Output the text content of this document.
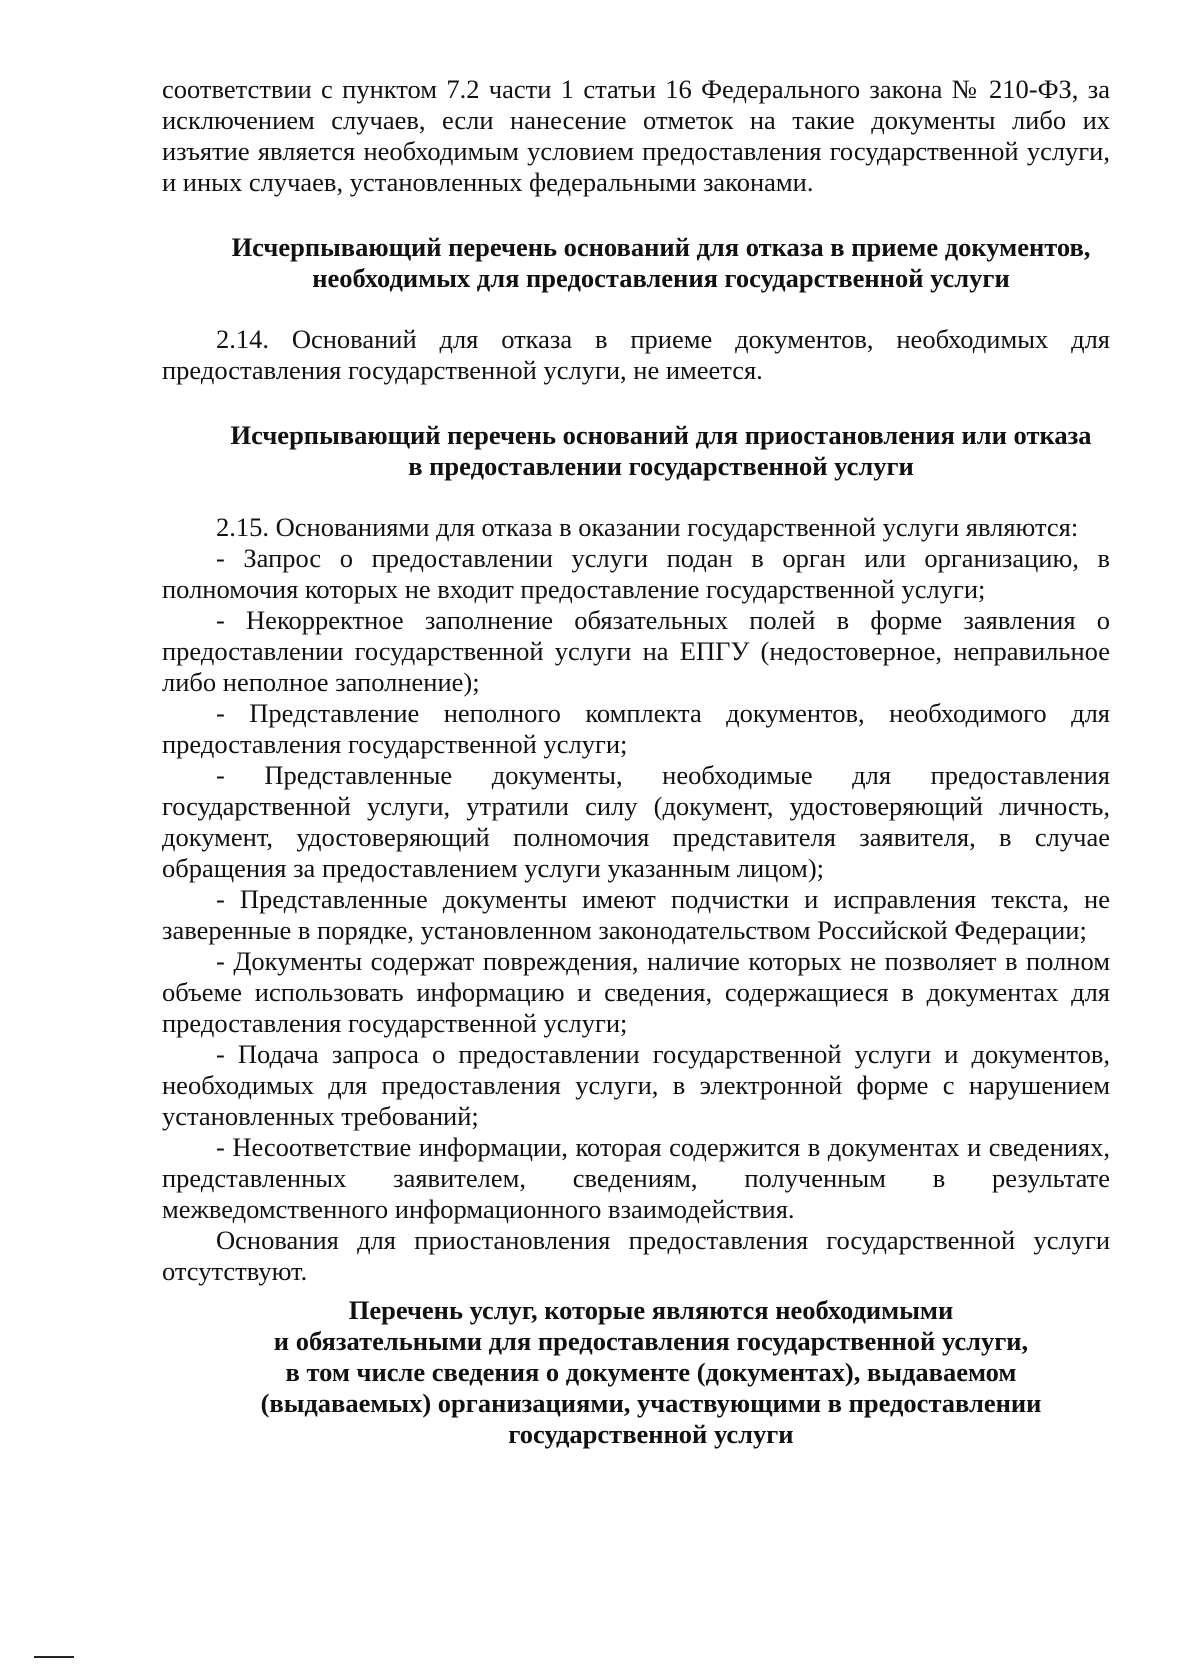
соответствии с пунктом 7.2 части 1 статьи 16 Федерального закона № 210-ФЗ, за исключением случаев, если нанесение отметок на такие документы либо их изъятие является необходимым условием предоставления государственной услуги, и иных случаев, установленных федеральными законами.

Исчерпывающий перечень оснований для отказа в приеме документов,
необходимых для предоставления государственной услуги

2.14. Оснований для отказа в приеме документов, необходимых для предоставления государственной услуги, не имеется.

Исчерпывающий перечень оснований для приостановления или отказа
в предоставлении государственной услуги

2.15. Основаниями для отказа в оказании государственной услуги являются:

- Запрос о предоставлении услуги подан в орган или организацию, в полномочия которых не входит предоставление государственной услуги;

- Некорректное заполнение обязательных полей в форме заявления о предоставлении государственной услуги на ЕПГУ (недостоверное, неправильное либо неполное заполнение);

- Представление неполного комплекта документов, необходимого для предоставления государственной услуги;

- Представленные документы, необходимые для предоставления государственной услуги, утратили силу (документ, удостоверяющий личность, документ, удостоверяющий полномочия представителя заявителя, в случае обращения за предоставлением услуги указанным лицом);

- Представленные документы имеют подчистки и исправления текста, не заверенные в порядке, установленном законодательством Российской Федерации;

- Документы содержат повреждения, наличие которых не позволяет в полном объеме использовать информацию и сведения, содержащиеся в документах для предоставления государственной услуги;

- Подача запроса о предоставлении государственной услуги и документов, необходимых для предоставления услуги, в электронной форме с нарушением установленных требований;

- Несоответствие информации, которая содержится в документах и сведениях, представленных заявителем, сведениям, полученным в результате межведомственного информационного взаимодействия.

Основания для приостановления предоставления государственной услуги отсутствуют.

Перечень услуг, которые являются необходимыми
и обязательными для предоставления государственной услуги,
в том числе сведения о документе (документах), выдаваемом
(выдаваемых) организациями, участвующими в предоставлении
государственной услуги
